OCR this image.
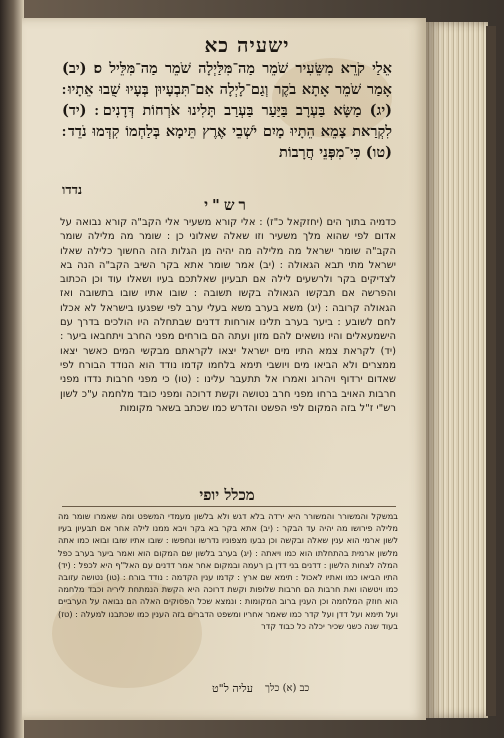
ישעיה כא
אֵלַי קֹרֵא מִשֵּׂעִיר שֹׁמֵר מַה־מִּלַּיְלָה שֹׁמֵר מַה־מִּלֵּיל ס׃ (יב) אָמַר שֹׁמֵר אָתָא בֹקֶר וְגַם־לָיְלָה אִם־תִּבְעָיוּן בְּעָיוּ שֻׁבוּ אֵתָיוּ ׃ (יג) מַשָּׂא בַּעְרָב בַּיַּעַר בַּעְרַב תָּלִינוּ אֹרְחוֹת דְּדָנִים ׃ (יד) לִקְרַאת צָמֵא הֵתָיוּ מָיִם יֹשְׁבֵי אֶרֶץ תֵּימָא בְּלַחְמוֹ קִדְּמוּ נֹדֵד ׃ (טו) כִּי־מִפְּנֵי חֲרָבוֹת
נדדו
רש"י
כדמיה בתוך הים (יחזקאל כ"ז) : אלי קורא משעיר אלי הקב"ה קורא נבואה על אדום לפי שהוא מלך משעיר וזו שאלה שאלוני כן : שומר מה מלילה שומר הקב"ה שומר ישראל מה מלילה מה יהיה מן הגלות הזה החשוך כלילה שאלו ישראל מתי תבא הגאולה : (יב) אמר שומר אתא בקר השיב הקב"ה הנה בא לצדיקים בקר ולרשעים לילה אם תבעיון שאלתכם בעיו ושאלו עוד וכן הכתוב והפרשה אם תבקשו הגאולה בקשו תשובה : שובו אתיו שובו בתשובה ואז הגאולה קרובה : (יג) משא בערב משא בעלי ערב לפי שפגעו בישראל לא אכלו לחם לשובע : ביער בערב תלינו אורחות דדנים שבתחלה היו הולכים בדרך עם הישמעאלים והיו נושאים להם מזון ועתה הם בורחים מפני החרב ויתחבאו ביער : (יד) לקראת צמא התיו מים ישראל יצאו לקראתם מבקשי המים כאשר יצאו ממצרים ולא הביאו מים ויושבי תימא בלחמו קדמו נודד הוא הנודד הבורח לפי שאדום ירדוף ויהרוג ואמרו אל תתעבר עלינו : (טו) כי מפני חרבות נדדו מפני חרבות האויב ברחו מפני חרב נטושה וקשת דרוכה ומפני כובד מלחמה ע"כ לשון רש"י ז"ל בזה המקום לפי הפשט והדרש כמו שכתב בשאר מקומות
מכלל יופי
במשקל והמשורר והמשורר היא ירדה בלא דגש ולא בלשון מעמדי המשפט ומה שאמרו שומר מה מלילה פירושו מה יהיה עד הבקר : (יב) אתא בקר בא בקר ויבא ממנו לילה אחר אם תבעיון בעיו לשון ארמי הוא ענין שאלה ובקשה וכן נבעו מצפוניו נדרשו ונחפשו : שובו אתיו שובו ובואו כמו אתה מלשון ארמית בהתחלתו הוא כמו ויאתה : (יג) בערב בלשון שם המקום הוא ואמר ביער בערב כפל המלה לצחות הלשון : דדנים בני דדן בן רעמה ובמקום אחר אמר דדנים עם האל"ף היא לכפל : (יד) התיו הביאו כמו ואתיו לאכול : תימא שם ארץ : קדמו ענין הקדמה : נודד בורח : (טו) נטושה עזובה כמו ויטשהו ואת חרבות הם חרבות שלופות וקשת דרוכה היא הקשת הנמתחת ליריה וכבד מלחמה הוא חוזק המלחמה וכן הענין ברוב המקומות : ונמצא שכל הפסוקים האלה הם נבואה על הערביים ועל תימא ועל דדן ועל קדר כמו שאמר אחריו ומשפט הדברים בזה הענין כמו שכתבנו למעלה : (טז) בעוד שנה כשני שכיר יכלה כל כבוד קדר
כב (א) כלך
עליה ל"ט
